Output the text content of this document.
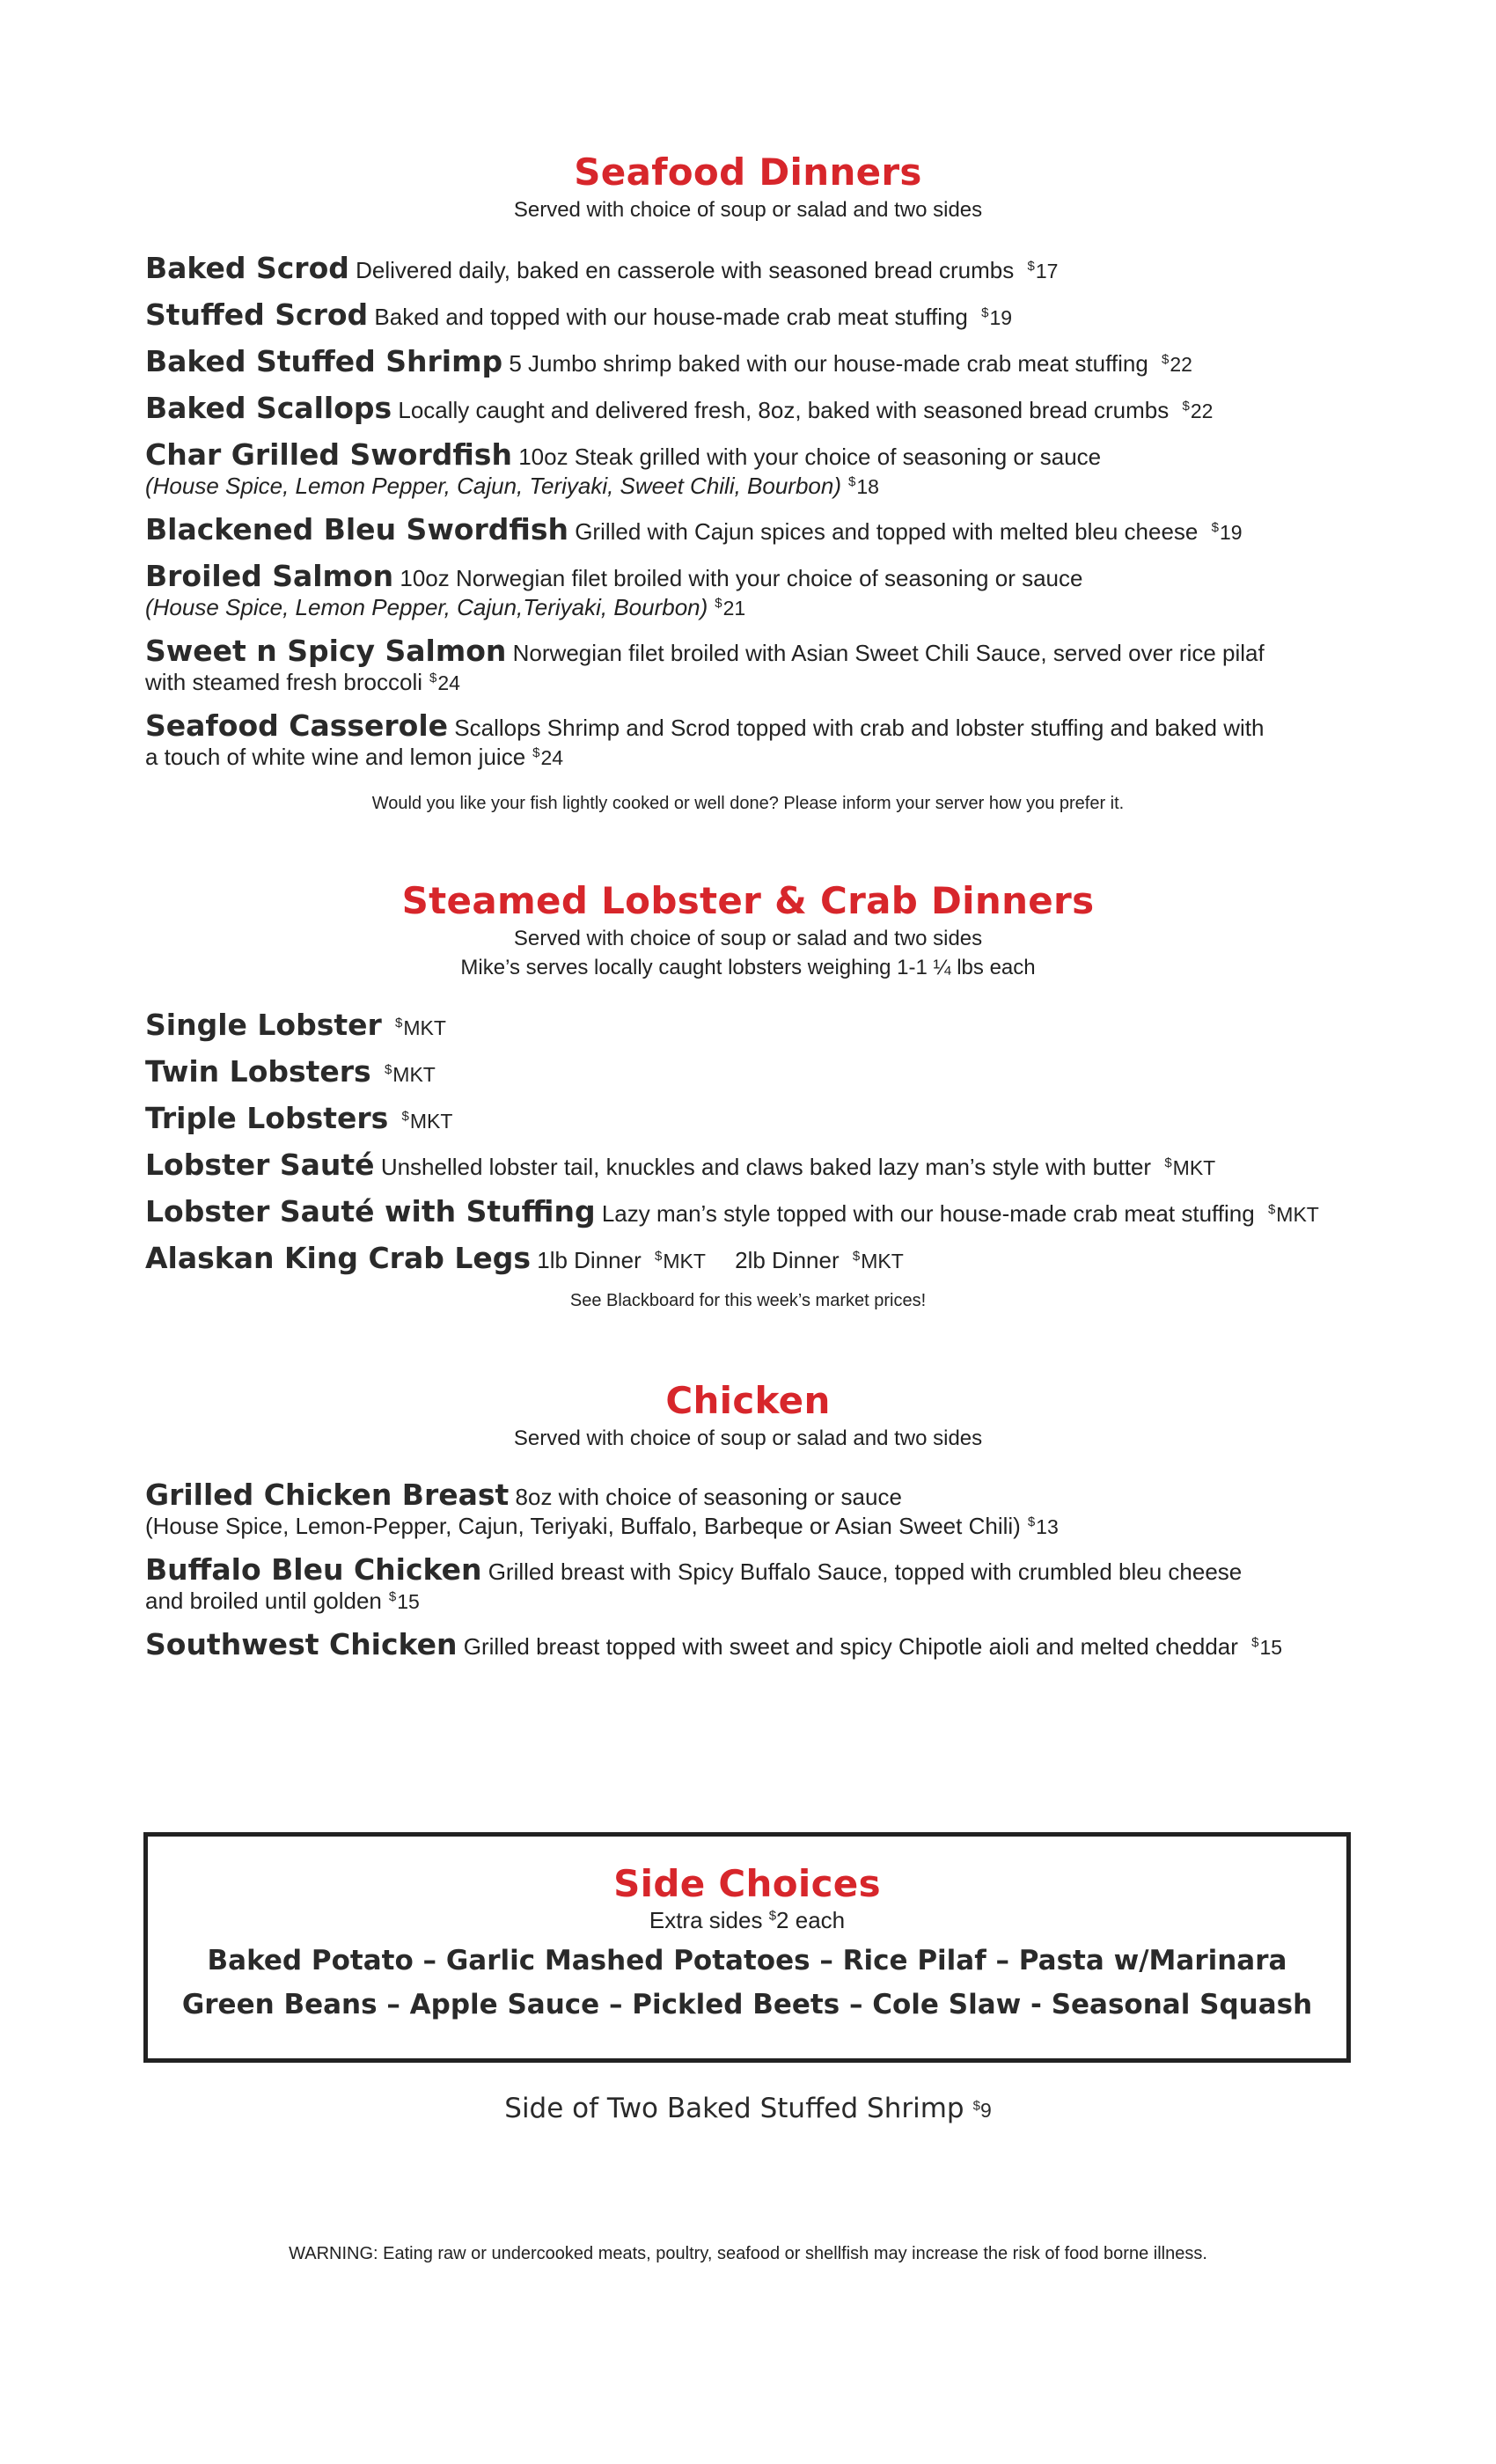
Seafood Dinners
Served with choice of soup or salad and two sides
Baked Scrod Delivered daily, baked en casserole with seasoned bread crumbs $17
Stuffed Scrod Baked and topped with our house-made crab meat stuffing $19
Baked Stuffed Shrimp 5 Jumbo shrimp baked with our house-made crab meat stuffing $22
Baked Scallops Locally caught and delivered fresh, 8oz, baked with seasoned bread crumbs $22
Char Grilled Swordfish 10oz Steak grilled with your choice of seasoning or sauce
(House Spice, Lemon Pepper, Cajun, Teriyaki, Sweet Chili, Bourbon) $18
Blackened Bleu Swordfish Grilled with Cajun spices and topped with melted bleu cheese $19
Broiled Salmon 10oz Norwegian filet broiled with your choice of seasoning or sauce
(House Spice, Lemon Pepper, Cajun,Teriyaki, Bourbon) $21
Sweet n Spicy Salmon Norwegian filet broiled with Asian Sweet Chili Sauce, served over rice pilaf
with steamed fresh broccoli $24
Seafood Casserole Scallops Shrimp and Scrod topped with crab and lobster stuffing and baked with
a touch of white wine and lemon juice $24
Would you like your fish lightly cooked or well done? Please inform your server how you prefer it.
Steamed Lobster & Crab Dinners
Served with choice of soup or salad and two sides
Mike’s serves locally caught lobsters weighing 1-1 ¼ lbs each
Single Lobster $MKT
Twin Lobsters $MKT
Triple Lobsters $MKT
Lobster Sauté Unshelled lobster tail, knuckles and claws baked lazy man’s style with butter $MKT
Lobster Sauté with Stuffing Lazy man’s style topped with our house-made crab meat stuffing $MKT
Alaskan King Crab Legs 1lb Dinner $MKT 2lb Dinner $MKT
See Blackboard for this week’s market prices!
Chicken
Served with choice of soup or salad and two sides
Grilled Chicken Breast 8oz with choice of seasoning or sauce
(House Spice, Lemon-Pepper, Cajun, Teriyaki, Buffalo, Barbeque or Asian Sweet Chili) $13
Buffalo Bleu Chicken Grilled breast with Spicy Buffalo Sauce, topped with crumbled bleu cheese
and broiled until golden $15
Southwest Chicken Grilled breast topped with sweet and spicy Chipotle aioli and melted cheddar $15
Side Choices
Extra sides $2 each
Baked Potato – Garlic Mashed Potatoes – Rice Pilaf – Pasta w/Marinara
Green Beans – Apple Sauce – Pickled Beets – Cole Slaw - Seasonal Squash
Side of Two Baked Stuffed Shrimp $9
WARNING: Eating raw or undercooked meats, poultry, seafood or shellfish may increase the risk of food borne illness.
